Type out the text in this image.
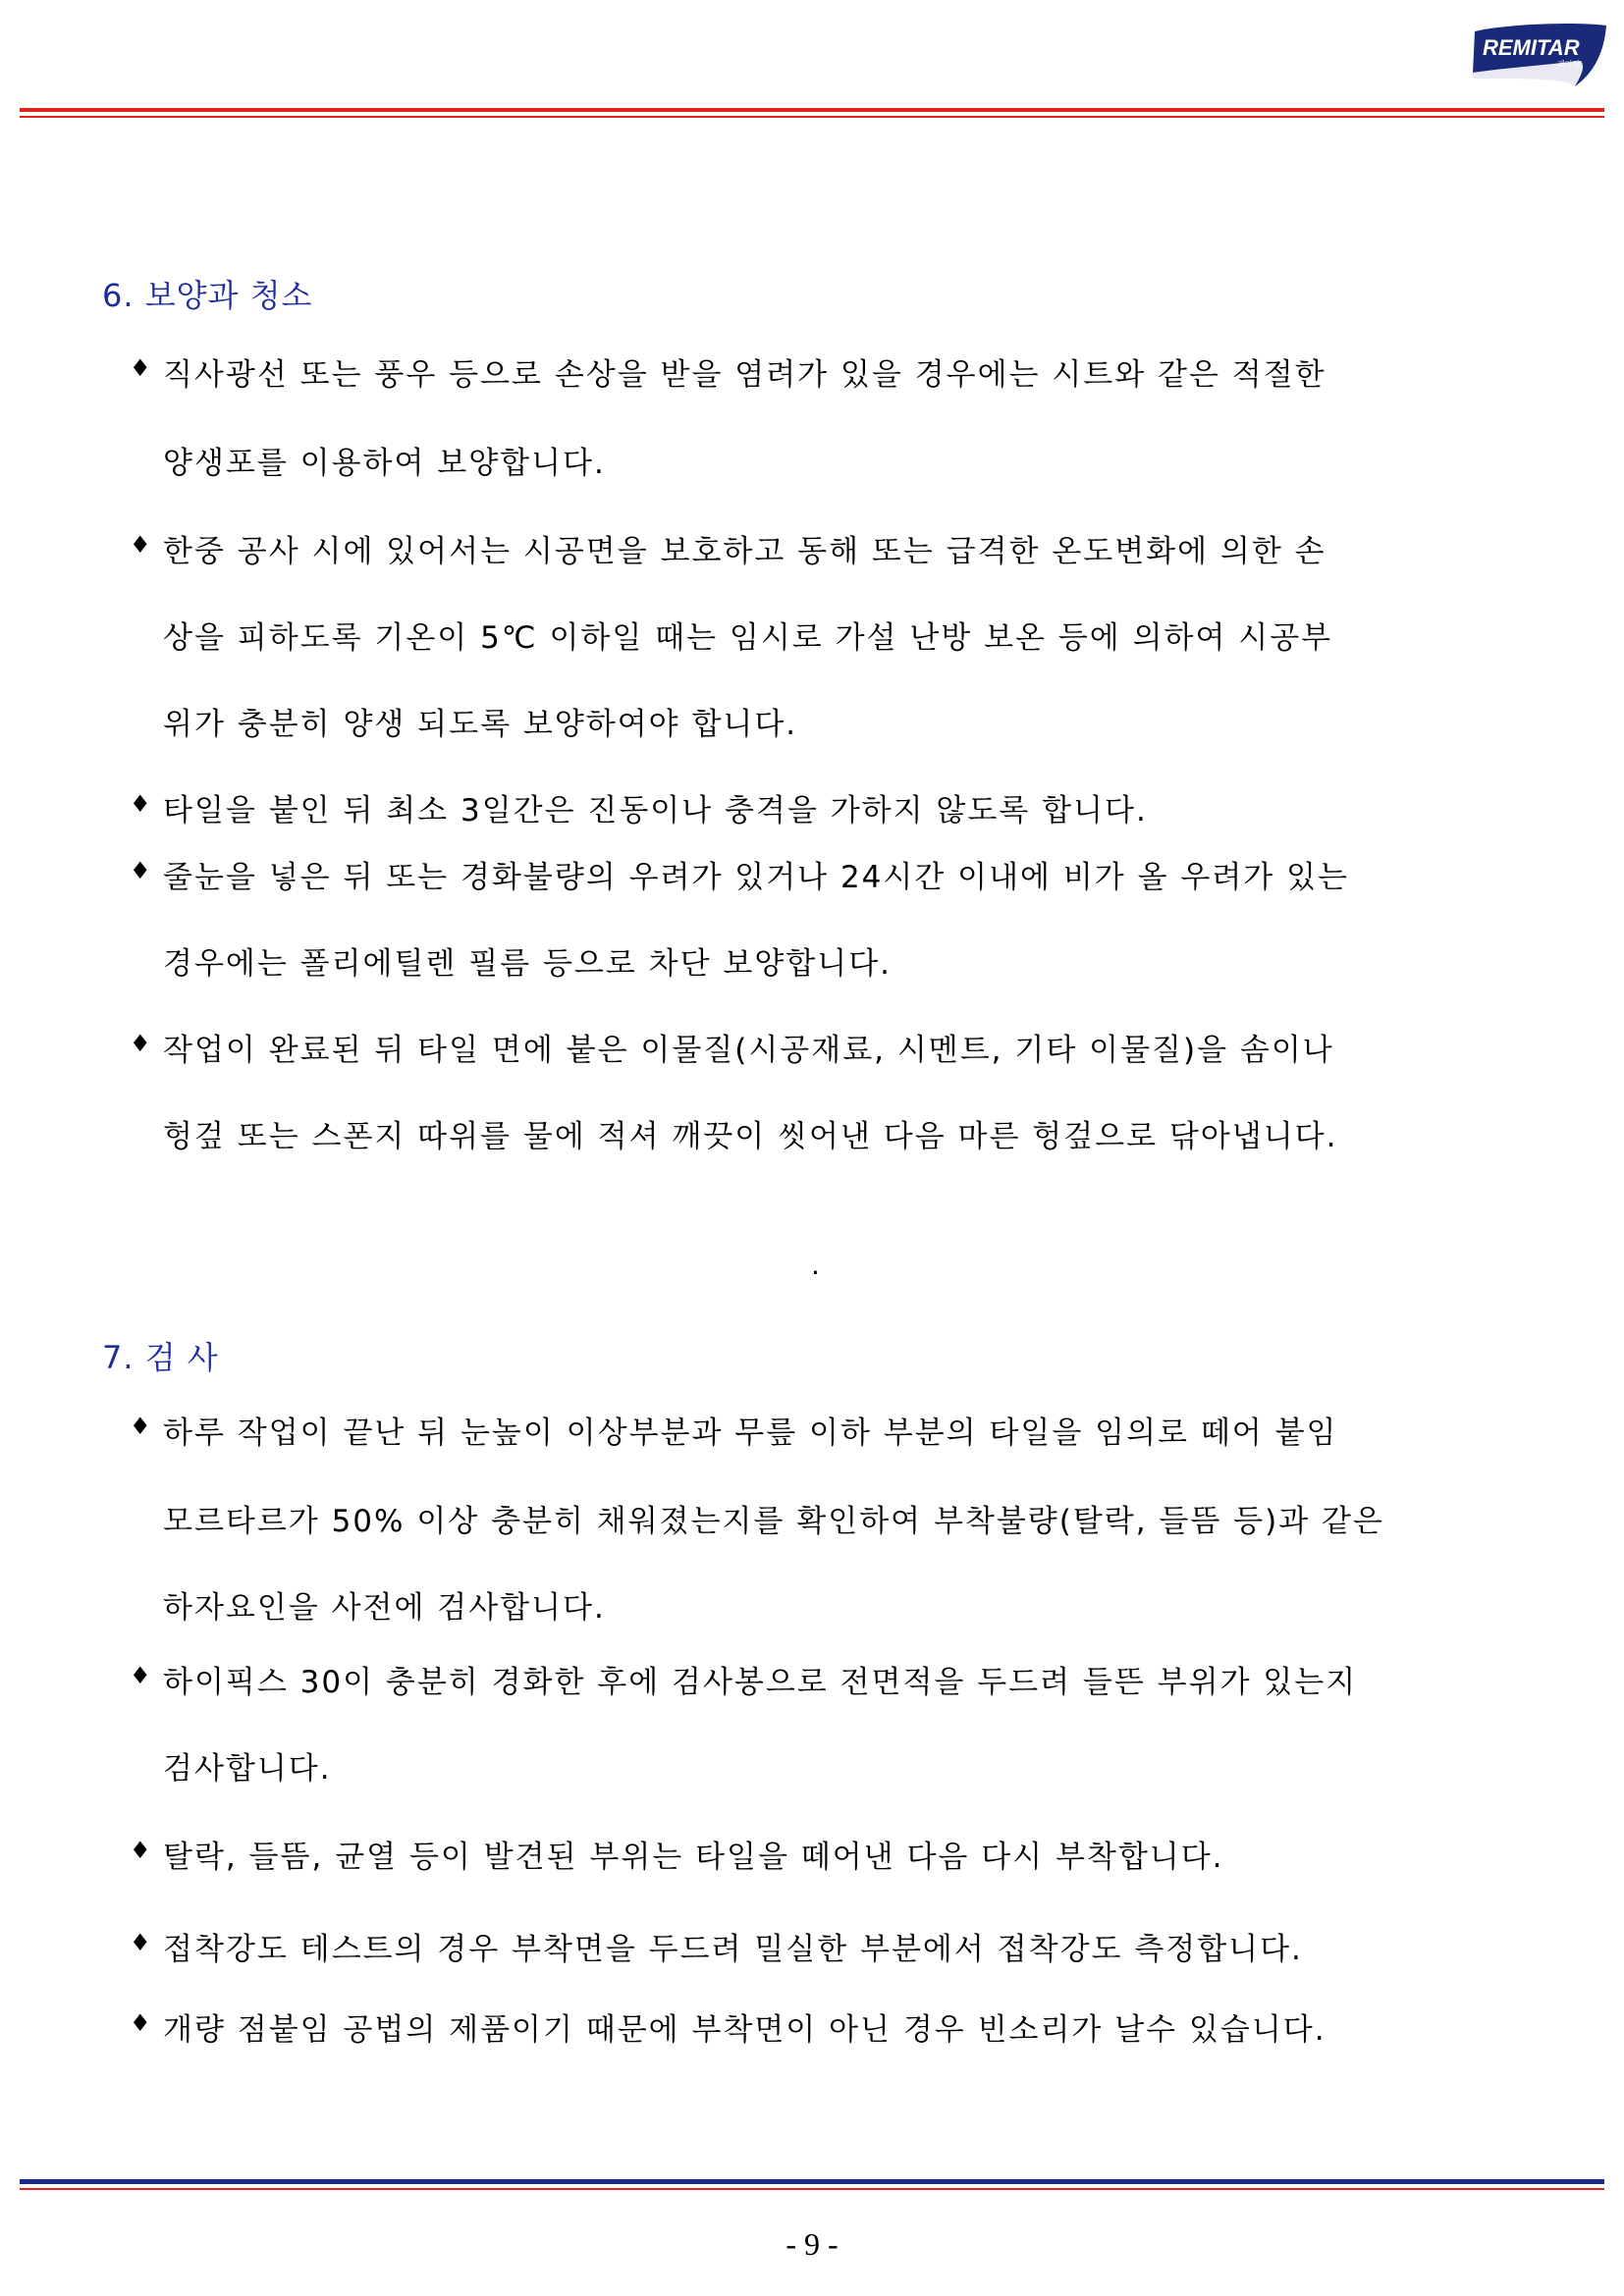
REMITAR
레미탈
6. 보양과 청소
♦ 직사광선 또는 풍우 등으로 손상을 받을 염려가 있을 경우에는 시트와 같은 적절한
양생포를 이용하여 보양합니다.
♦ 한중 공사 시에 있어서는 시공면을 보호하고 동해 또는 급격한 온도변화에 의한 손
상을 피하도록 기온이 5℃ 이하일 때는 임시로 가설 난방 보온 등에 의하여 시공부
위가 충분히 양생 되도록 보양하여야 합니다.
♦ 타일을 붙인 뒤 최소 3일간은 진동이나 충격을 가하지 않도록 합니다.
♦ 줄눈을 넣은 뒤 또는 경화불량의 우려가 있거나 24시간 이내에 비가 올 우려가 있는
경우에는 폴리에틸렌 필름 등으로 차단 보양합니다.
♦ 작업이 완료된 뒤 타일 면에 붙은 이물질(시공재료, 시멘트, 기타 이물질)을 솜이나
헝겊 또는 스폰지 따위를 물에 적셔 깨끗이 씻어낸 다음 마른 헝겊으로 닦아냅니다.
.
7. 검 사
♦ 하루 작업이 끝난 뒤 눈높이 이상부분과 무릎 이하 부분의 타일을 임의로 떼어 붙임
모르타르가 50% 이상 충분히 채워졌는지를 확인하여 부착불량(탈락, 들뜸 등)과 같은
하자요인을 사전에 검사합니다.
♦ 하이픽스 30이 충분히 경화한 후에 검사봉으로 전면적을 두드려 들뜬 부위가 있는지
검사합니다.
♦ 탈락, 들뜸, 균열 등이 발견된 부위는 타일을 떼어낸 다음 다시 부착합니다.
♦ 접착강도 테스트의 경우 부착면을 두드려 밀실한 부분에서 접착강도 측정합니다.
♦ 개량 점붙임 공법의 제품이기 때문에 부착면이 아닌 경우 빈소리가 날수 있습니다.
- 9 -
